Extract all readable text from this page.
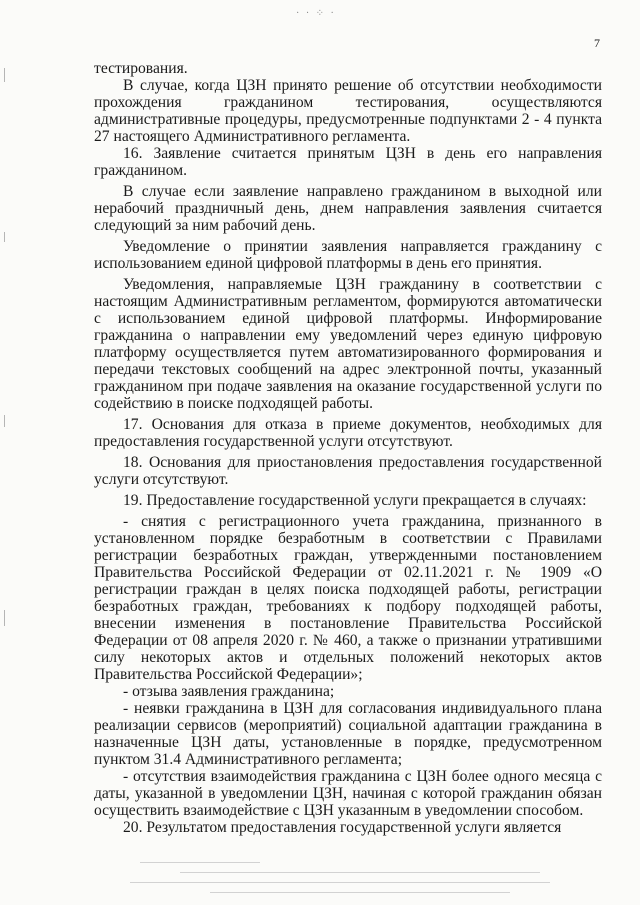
· · ⁘ ·
7

тестирования.

В случае, когда ЦЗН принято решение об отсутствии необходимости прохождения гражданином тестирования, осуществляются административные процедуры, предусмотренные подпунктами 2 - 4 пункта 27 настоящего Административного регламента.

16. Заявление считается принятым ЦЗН в день его направления гражданином.

В случае если заявление направлено гражданином в выходной или нерабочий праздничный день, днем направления заявления считается следующий за ним рабочий день.

Уведомление о принятии заявления направляется гражданину с использованием единой цифровой платформы в день его принятия.

Уведомления, направляемые ЦЗН гражданину в соответствии с настоящим Административным регламентом, формируются автоматически с использованием единой цифровой платформы. Информирование гражданина о направлении ему уведомлений через единую цифровую платформу осуществляется путем автоматизированного формирования и передачи текстовых сообщений на адрес электронной почты, указанный гражданином при подаче заявления на оказание государственной услуги по содействию в поиске подходящей работы.

17. Основания для отказа в приеме документов, необходимых для предоставления государственной услуги отсутствуют.

18. Основания для приостановления предоставления государственной услуги отсутствуют.

19. Предоставление государственной услуги прекращается в случаях:

- снятия с регистрационного учета гражданина, признанного в установленном порядке безработным в соответствии с Правилами регистрации безработных граждан, утвержденными постановлением Правительства Российской Федерации от 02.11.2021 г. № 1909 «О регистрации граждан в целях поиска подходящей работы, регистрации безработных граждан, требованиях к подбору подходящей работы, внесении изменения в постановление Правительства Российской Федерации от 08 апреля 2020 г. № 460, а также о признании утратившими силу некоторых актов и отдельных положений некоторых актов Правительства Российской Федерации»;

- отзыва заявления гражданина;

- неявки гражданина в ЦЗН для согласования индивидуального плана реализации сервисов (мероприятий) социальной адаптации гражданина в назначенные ЦЗН даты, установленные в порядке, предусмотренном пунктом 31.4 Административного регламента;

- отсутствия взаимодействия гражданина с ЦЗН более одного месяца с даты, указанной в уведомлении ЦЗН, начиная с которой гражданин обязан осуществить взаимодействие с ЦЗН указанным в уведомлении способом.

20. Результатом предоставления государственной услуги является
